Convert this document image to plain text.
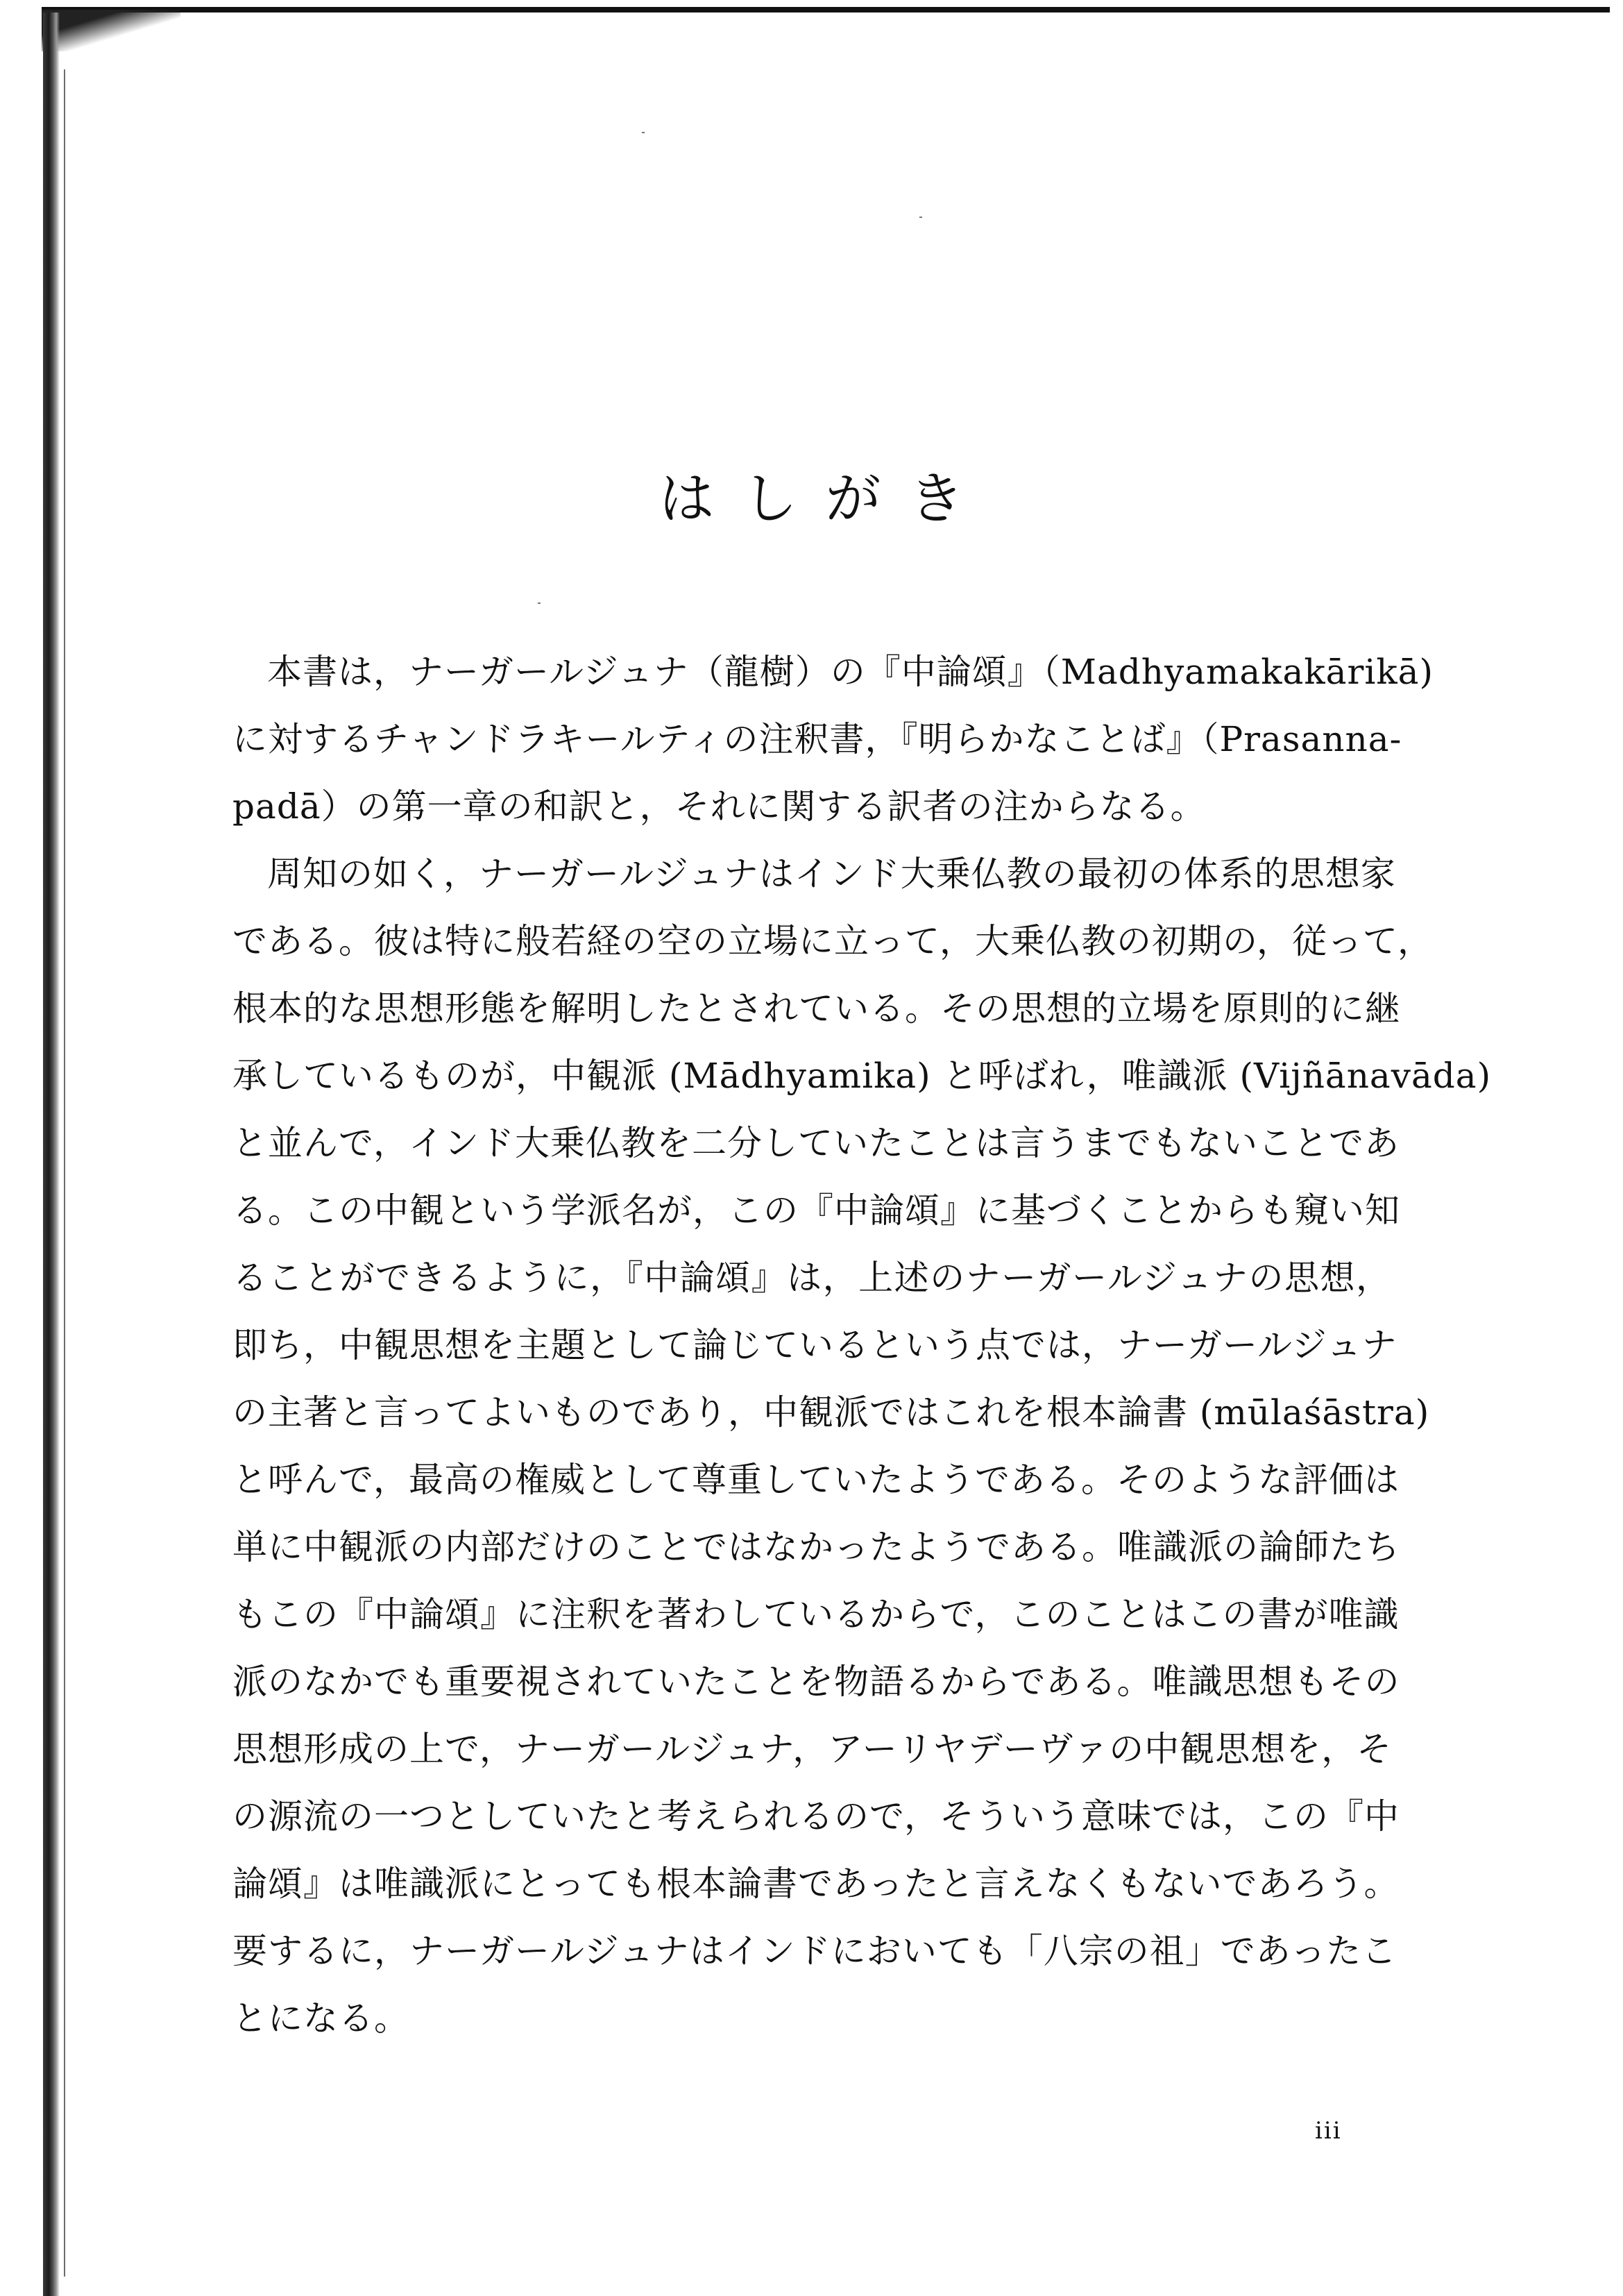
はしがき
本書は，ナーガールジュナ（龍樹）の『中論頌』（Madhyamakakārikā)
に対するチャンドラキールティの注釈書，『明らかなことば』（Prasanna-
padā）の第一章の和訳と，それに関する訳者の注からなる。
周知の如く，ナーガールジュナはインド大乗仏教の最初の体系的思想家
である。彼は特に般若経の空の立場に立って，大乗仏教の初期の，従って，
根本的な思想形態を解明したとされている。その思想的立場を原則的に継
承しているものが，中観派 (Mādhyamika) と呼ばれ，唯識派 (Vijñānavāda)
と並んで，インド大乗仏教を二分していたことは言うまでもないことであ
る。この中観という学派名が，この『中論頌』に基づくことからも窺い知
ることができるように，『中論頌』は，上述のナーガールジュナの思想，
即ち，中観思想を主題として論じているという点では，ナーガールジュナ
の主著と言ってよいものであり，中観派ではこれを根本論書 (mūlaśāstra)
と呼んで，最高の権威として尊重していたようである。そのような評価は
単に中観派の内部だけのことではなかったようである。唯識派の論師たち
もこの『中論頌』に注釈を著わしているからで，このことはこの書が唯識
派のなかでも重要視されていたことを物語るからである。唯識思想もその
思想形成の上で，ナーガールジュナ，アーリヤデーヴァの中観思想を，そ
の源流の一つとしていたと考えられるので，そういう意味では，この『中
論頌』は唯識派にとっても根本論書であったと言えなくもないであろう。
要するに，ナーガールジュナはインドにおいても「八宗の祖」であったこ
とになる。
iii
